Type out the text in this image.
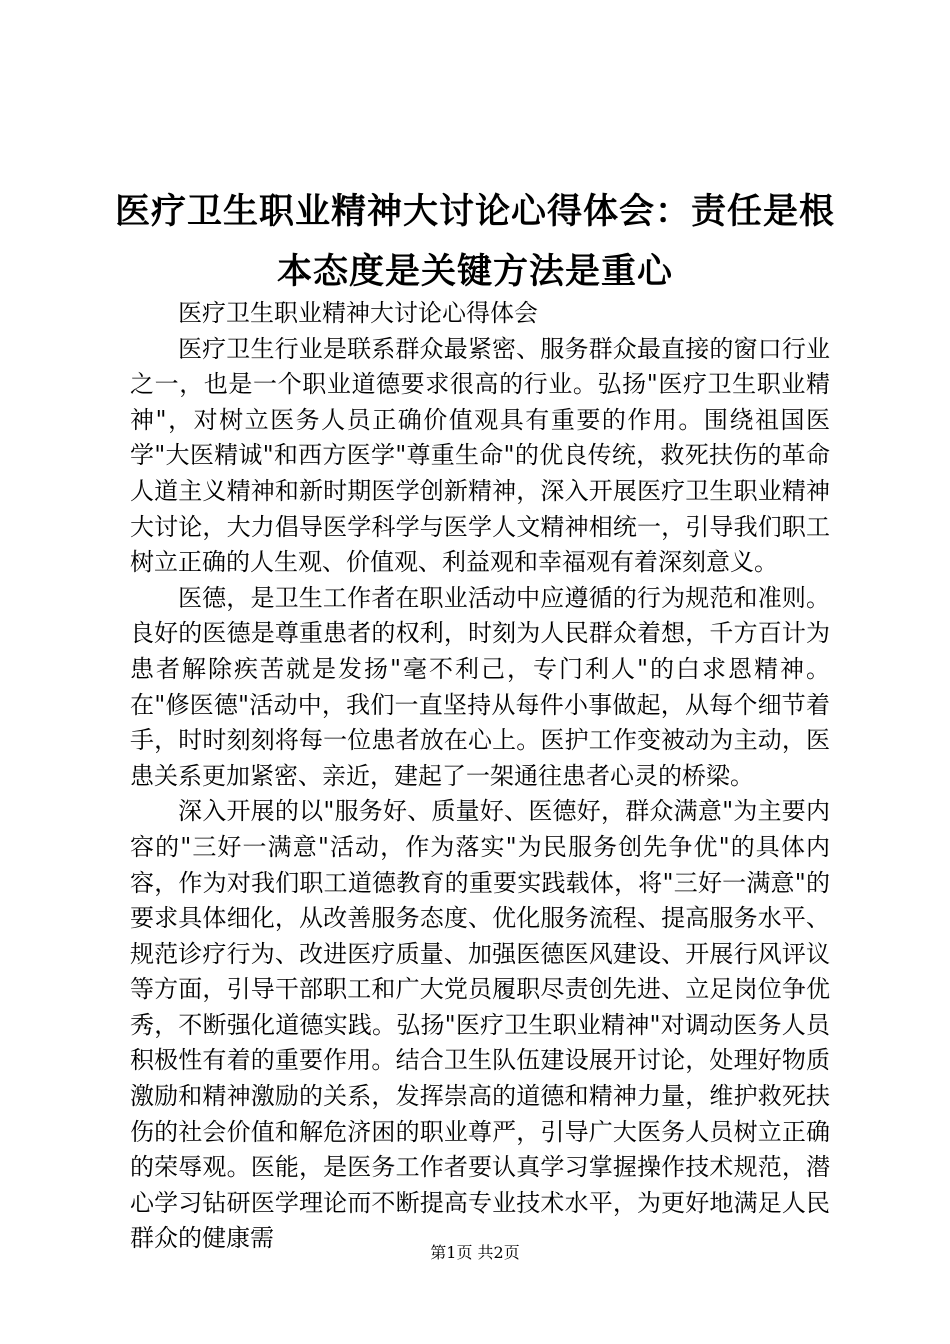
医疗卫生职业精神大讨论心得体会：责任是根本态度是关键方法是重心

医疗卫生职业精神大讨论心得体会

医疗卫生行业是联系群众最紧密、服务群众最直接的窗口行业之一，也是一个职业道德要求很高的行业。弘扬"医疗卫生职业精神"，对树立医务人员正确价值观具有重要的作用。围绕祖国医学"大医精诚"和西方医学"尊重生命"的优良传统，救死扶伤的革命人道主义精神和新时期医学创新精神，深入开展医疗卫生职业精神大讨论，大力倡导医学科学与医学人文精神相统一，引导我们职工树立正确的人生观、价值观、利益观和幸福观有着深刻意义。

医德，是卫生工作者在职业活动中应遵循的行为规范和准则。良好的医德是尊重患者的权利，时刻为人民群众着想，千方百计为患者解除疾苦就是发扬"毫不利己，专门利人"的白求恩精神。在"修医德"活动中，我们一直坚持从每件小事做起，从每个细节着手，时时刻刻将每一位患者放在心上。医护工作变被动为主动，医患关系更加紧密、亲近，建起了一架通往患者心灵的桥梁。

深入开展的以"服务好、质量好、医德好，群众满意"为主要内容的"三好一满意"活动，作为落实"为民服务创先争优"的具体内容，作为对我们职工道德教育的重要实践载体，将"三好一满意"的要求具体细化，从改善服务态度、优化服务流程、提高服务水平、规范诊疗行为、改进医疗质量、加强医德医风建设、开展行风评议等方面，引导干部职工和广大党员履职尽责创先进、立足岗位争优秀，不断强化道德实践。弘扬"医疗卫生职业精神"对调动医务人员积极性有着的重要作用。结合卫生队伍建设展开讨论，处理好物质激励和精神激励的关系，发挥崇高的道德和精神力量，维护救死扶伤的社会价值和解危济困的职业尊严，引导广大医务人员树立正确的荣辱观。医能，是医务工作者要认真学习掌握操作技术规范，潜心学习钻研医学理论而不断提高专业技术水平，为更好地满足人民群众的健康需

第1页 共2页
